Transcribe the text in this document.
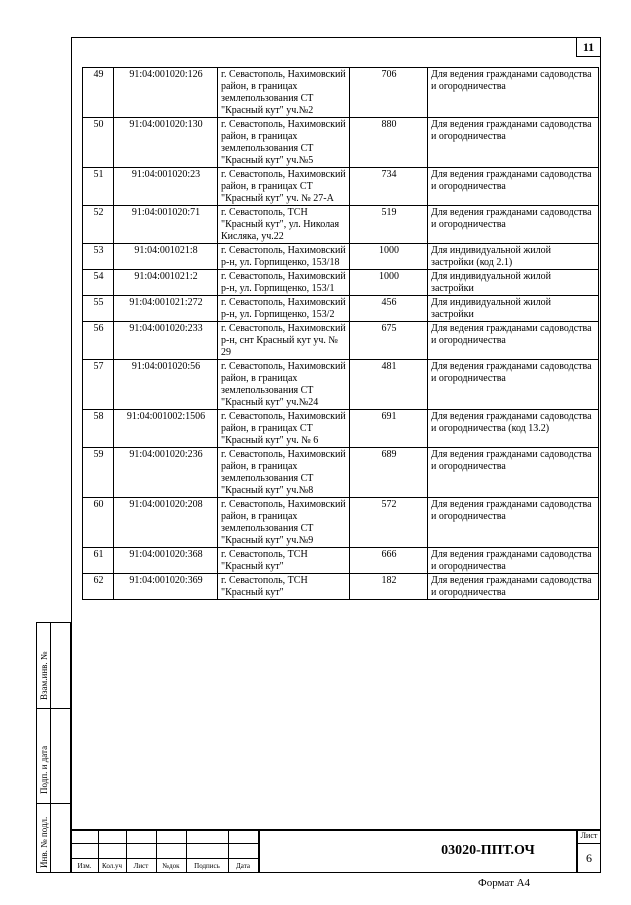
11
49	91:04:001020:126	г. Севастополь, Нахимовский район, в границах землепользования СТ "Красный кут" уч.№2	706	Для ведения гражданами садоводства и огородничества
50	91:04:001020:130	г. Севастополь, Нахимовский район, в границах землепользования СТ "Красный кут" уч.№5	880	Для ведения гражданами садоводства и огородничества
51	91:04:001020:23	г. Севастополь, Нахимовский район, в границах СТ "Красный кут" уч. № 27-А	734	Для ведения гражданами садоводства и огородничества
52	91:04:001020:71	г. Севастополь, ТСН "Красный кут", ул. Николая Кисляка, уч.22	519	Для ведения гражданами садоводства и огородничества
53	91:04:001021:8	г. Севастополь, Нахимовский р-н, ул. Горпищенко, 153/18	1000	Для индивидуальной жилой застройки (код 2.1)
54	91:04:001021:2	г. Севастополь, Нахимовский р-н, ул. Горпищенко, 153/1	1000	Для индивидуальной жилой застройки
55	91:04:001021:272	г. Севастополь, Нахимовский р-н, ул. Горпищенко, 153/2	456	Для индивидуальной жилой застройки
56	91:04:001020:233	г. Севастополь, Нахимовский р-н, снт Красный кут уч. № 29	675	Для ведения гражданами садоводства и огородничества
57	91:04:001020:56	г. Севастополь, Нахимовский район, в границах землепользования СТ "Красный кут" уч.№24	481	Для ведения гражданами садоводства и огородничества
58	91:04:001002:1506	г. Севастополь, Нахимовский район, в границах СТ "Красный кут" уч. № 6	691	Для ведения гражданами садоводства и огородничества (код 13.2)
59	91:04:001020:236	г. Севастополь, Нахимовский район, в границах землепользования СТ "Красный кут" уч.№8	689	Для ведения гражданами садоводства и огородничества
60	91:04:001020:208	г. Севастополь, Нахимовский район, в границах землепользования СТ "Красный кут" уч.№9	572	Для ведения гражданами садоводства и огородничества
61	91:04:001020:368	г. Севастополь, ТСН "Красный кут"	666	Для ведения гражданами садоводства и огородничества
62	91:04:001020:369	г. Севастополь, ТСН "Красный кут"	182	Для ведения гражданами садоводства и огородничества
Взам.инв. №
Подп. и дата
Инв. № подл.	Изм.	Кол.уч	Лист	№док	Подпись	Дата
03020-ППТ.ОЧ
Лист
6
Формат А4
